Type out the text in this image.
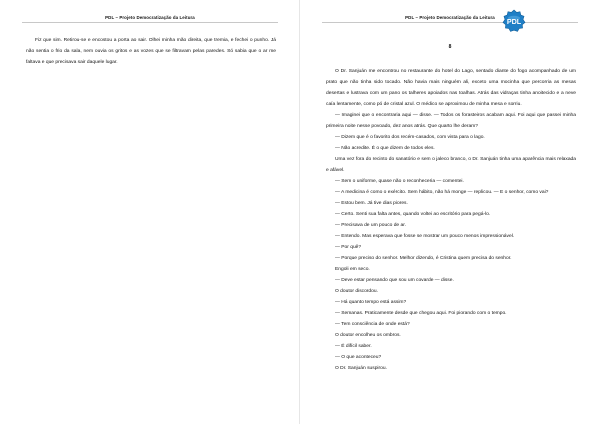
PDL – Projeto Democratização da Leitura

Fiz que sim. Retirou-se e encostou a porta ao sair. Olhei minha mão direita, que tremia, e fechei o punho. Já não sentia o frio da sala, nem ouvia os gritos e as vozes que se filtravam pelas paredes. Só sabia que o ar me faltava e que precisava sair daquele lugar.

PDL – Projeto Democratização da Leitura	PDL
8

O Dr. Sanjuán me encontrou no restaurante do hotel do Lago, sentado diante do fogo acompanhado de um prato que não tinha sido tocado. Não havia mais ninguém ali, exceto uma mocinha que percorria as mesas desertas e lustrava com um pano os talheres apoiados nas toalhas. Atrás das vidraças tinha anoitecido e a neve caía lentamente, como pó de cristal azul. O médico se aproximou de minha mesa e sorriu.

— Imaginei que o encontraria aqui — disse. — Todos os forasteiros acabam aqui. Foi aqui que passei minha primeira noite nesse povoado, dez anos atrás. Que quarto lhe deram?

— Dizem que é o favorito dos recém-casados, com vista para o lago.

— Não acredite. É o que dizem de todos eles.

Uma vez fora do recinto do sanatório e sem o jaleco branco, o Dr. Sanjuán tinha uma aparência mais relaxada e afável.

— Sem o uniforme, quase não o reconheceria — comentei.

— A medicina é como o exército. Sem hábito, não há monge — replicou. — E o senhor, como vai?

— Estou bem. Já tive dias piores.

— Certo. Senti sua falta antes, quando voltei ao escritório para pegá-lo.

— Precisava de um pouco de ar.

— Entendo. Mas esperava que fosse se mostrar um pouco menos impressionável.

— Por quê?

— Porque preciso do senhor. Melhor dizendo, é Cristina quem precisa do senhor.

Engoli em seco.

— Deve estar pensando que sou um covarde — disse.

O doutor discordou.

— Há quanto tempo está assim?

— Semanas. Praticamente desde que chegou aqui. Foi piorando com o tempo.

— Tem consciência de onde está?

O doutor encolheu os ombros.

— É difícil saber.

— O que aconteceu?

O Dr. Sanjuán suspirou.
